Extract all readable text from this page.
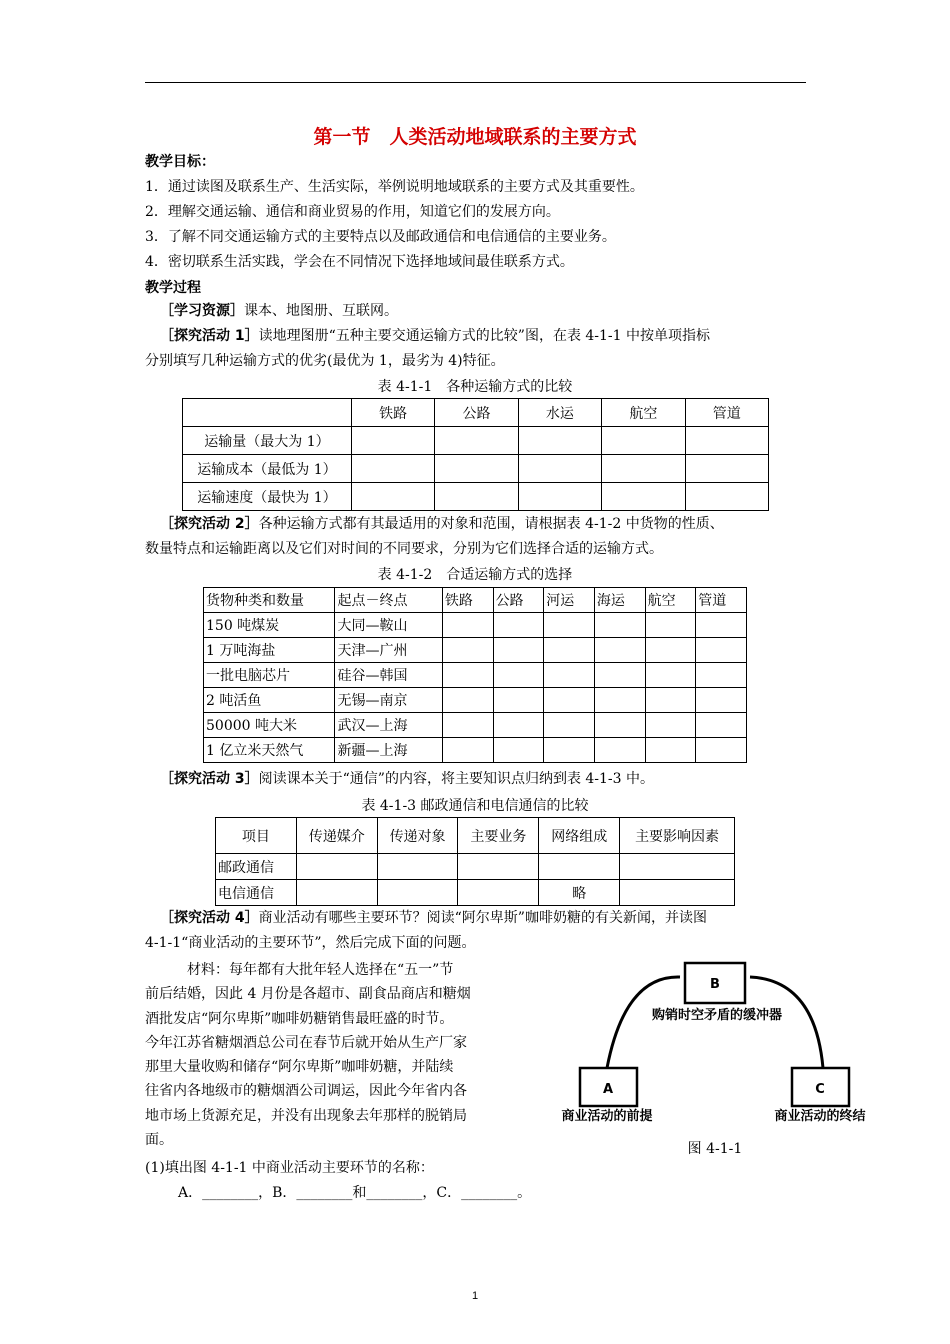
第一节　人类活动地域联系的主要方式
教学目标：
1．通过读图及联系生产、生活实际，举例说明地域联系的主要方式及其重要性。
2．理解交通运输、通信和商业贸易的作用，知道它们的发展方向。
3．了解不同交通运输方式的主要特点以及邮政通信和电信通信的主要业务。
4．密切联系生活实践，学会在不同情况下选择地域间最佳联系方式。
教学过程
［学习资源］课本、地图册、互联网。
［探究活动 1］读地理图册“五种主要交通运输方式的比较”图，在表 4-1-1 中按单项指标
分别填写几种运输方式的优劣(最优为 1，最劣为 4)特征。
表 4-1-1　各种运输方式的比较
	铁路	公路	水运	航空	管道
运输量（最大为 1）					
运输成本（最低为 1）					
运输速度（最快为 1）					
［探究活动 2］各种运输方式都有其最适用的对象和范围，请根据表 4-1-2 中货物的性质、
数量特点和运输距离以及它们对时间的不同要求，分别为它们选择合适的运输方式。
表 4-1-2　合适运输方式的选择
货物种类和数量	起点－终点	铁路	公路	河运	海运	航空	管道
150 吨煤炭	大同—鞍山						
1 万吨海盐	天津—广州						
一批电脑芯片	硅谷—韩国						
2 吨活鱼	无锡—南京						
50000 吨大米	武汉—上海						
1 亿立米天然气	新疆—上海						
［探究活动 3］阅读课本关于“通信”的内容，将主要知识点归纳到表 4-1-3 中。
表 4-1-3 邮政通信和电信通信的比较
项目	传递媒介	传递对象	主要业务	网络组成	主要影响因素
邮政通信					
电信通信				略	
［探究活动 4］商业活动有哪些主要环节？阅读“阿尔卑斯”咖啡奶糖的有关新闻，并读图
4-1-1“商业活动的主要环节”，然后完成下面的问题。

　　　材料：每年都有大批年轻人选择在“五一”节

前后结婚，因此 4 月份是各超市、副食品商店和糖烟

酒批发店“阿尔卑斯”咖啡奶糖销售最旺盛的时节。

今年江苏省糖烟酒总公司在春节后就开始从生产厂家

那里大量收购和储存“阿尔卑斯”咖啡奶糖，并陆续

往省内各地级市的糖烟酒公司调运，因此今年省内各

地市场上货源充足，并没有出现象去年那样的脱销局

面。

B
购销时空矛盾的缓冲器
A
商业活动的前提
C
商业活动的终结
图 4-1-1
(1)填出图 4-1-1 中商业活动主要环节的名称：
A．________，B．________和________，C．________。
1
